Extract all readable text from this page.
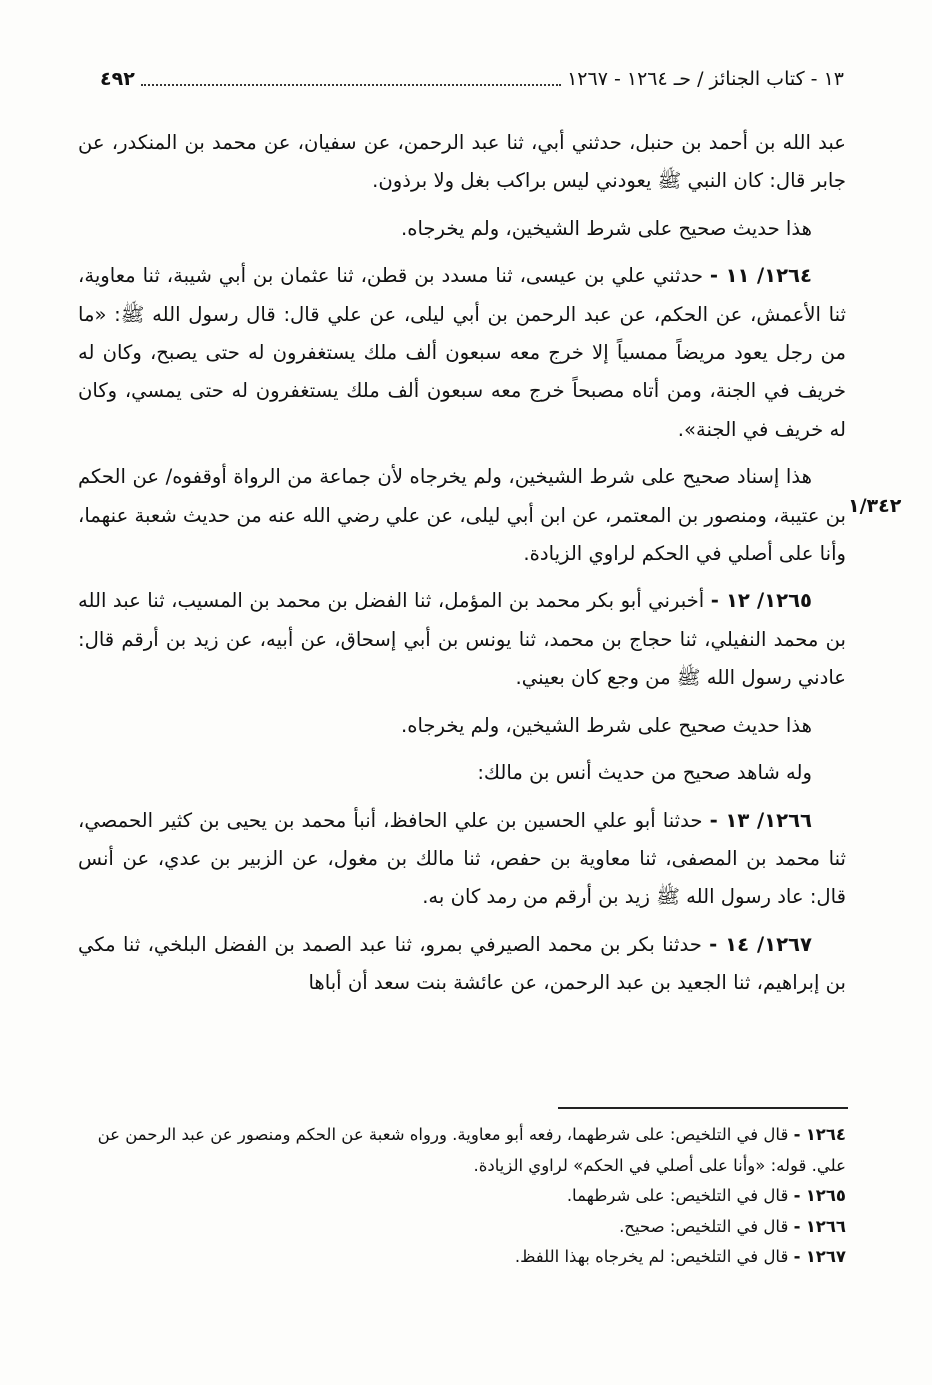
٤٩٢	١٣ - كتاب الجنائز / حـ ١٢٦٤ - ١٢٦٧
١/٣٤٢

عبد الله بن أحمد بن حنبل، حدثني أبي، ثنا عبد الرحمن، عن سفيان، عن محمد بن المنكدر، عن جابر قال: كان النبي ﷺ يعودني ليس براكب بغل ولا برذون.

هذا حديث صحيح على شرط الشيخين، ولم يخرجاه.

١٢٦٤/ ١١ - حدثني علي بن عيسى، ثنا مسدد بن قطن، ثنا عثمان بن أبي شيبة، ثنا معاوية، ثنا الأعمش، عن الحكم، عن عبد الرحمن بن أبي ليلى، عن علي قال: قال رسول الله ﷺ: «ما من رجل يعود مريضاً ممسياً إلا خرج معه سبعون ألف ملك يستغفرون له حتى يصبح، وكان له خريف في الجنة، ومن أتاه مصبحاً خرج معه سبعون ألف ملك يستغفرون له حتى يمسي، وكان له خريف في الجنة».

هذا إسناد صحيح على شرط الشيخين، ولم يخرجاه لأن جماعة من الرواة أوقفوه/ عن الحكم بن عتيبة، ومنصور بن المعتمر، عن ابن أبي ليلى، عن علي رضي الله عنه من حديث شعبة عنهما، وأنا على أصلي في الحكم لراوي الزيادة.

١٢٦٥/ ١٢ - أخبرني أبو بكر محمد بن المؤمل، ثنا الفضل بن محمد بن المسيب، ثنا عبد الله بن محمد النفيلي، ثنا حجاج بن محمد، ثنا يونس بن أبي إسحاق، عن أبيه، عن زيد بن أرقم قال: عادني رسول الله ﷺ من وجع كان بعيني.

هذا حديث صحيح على شرط الشيخين، ولم يخرجاه.

وله شاهد صحيح من حديث أنس بن مالك:

١٢٦٦/ ١٣ - حدثنا أبو علي الحسين بن علي الحافظ، أنبأ محمد بن يحيى بن كثير الحمصي، ثنا محمد بن المصفى، ثنا معاوية بن حفص، ثنا مالك بن مغول، عن الزبير بن عدي، عن أنس قال: عاد رسول الله ﷺ زيد بن أرقم من رمد كان به.

١٢٦٧/ ١٤ - حدثنا بكر بن محمد الصيرفي بمرو، ثنا عبد الصمد بن الفضل البلخي، ثنا مكي بن إبراهيم، ثنا الجعيد بن عبد الرحمن، عن عائشة بنت سعد أن أباها

١٢٦٤ - قال في التلخيص: على شرطهما، رفعه أبو معاوية. ورواه شعبة عن الحكم ومنصور عن عبد الرحمن عن علي. قوله: «وأنا على أصلي في الحكم» لراوي الزيادة.

١٢٦٥ - قال في التلخيص: على شرطهما.

١٢٦٦ - قال في التلخيص: صحيح.

١٢٦٧ - قال في التلخيص: لم يخرجاه بهذا اللفظ.
